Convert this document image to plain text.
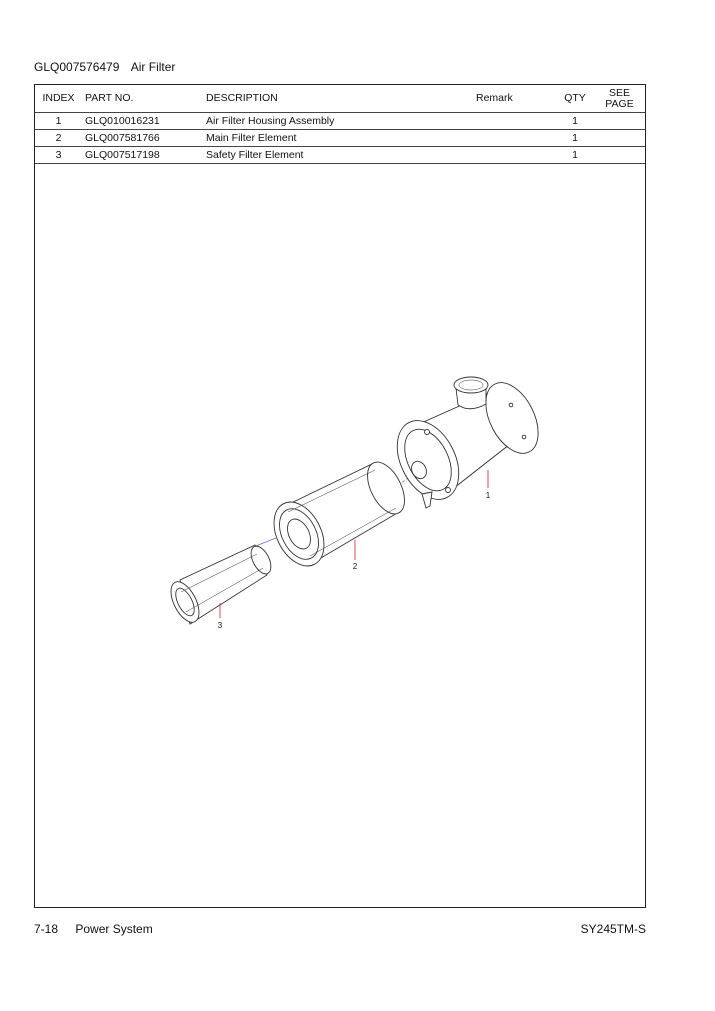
GLQ007576479 Air Filter
INDEX	PART NO.	DESCRIPTION	Remark	QTY	SEE
PAGE
1	GLQ010016231	Air Filter Housing Assembly		1	
2	GLQ007581766	Main Filter Element		1	
3	GLQ007517198	Safety Filter Element		1	
1
2
3
7-18 Power System	SY245TM-S
